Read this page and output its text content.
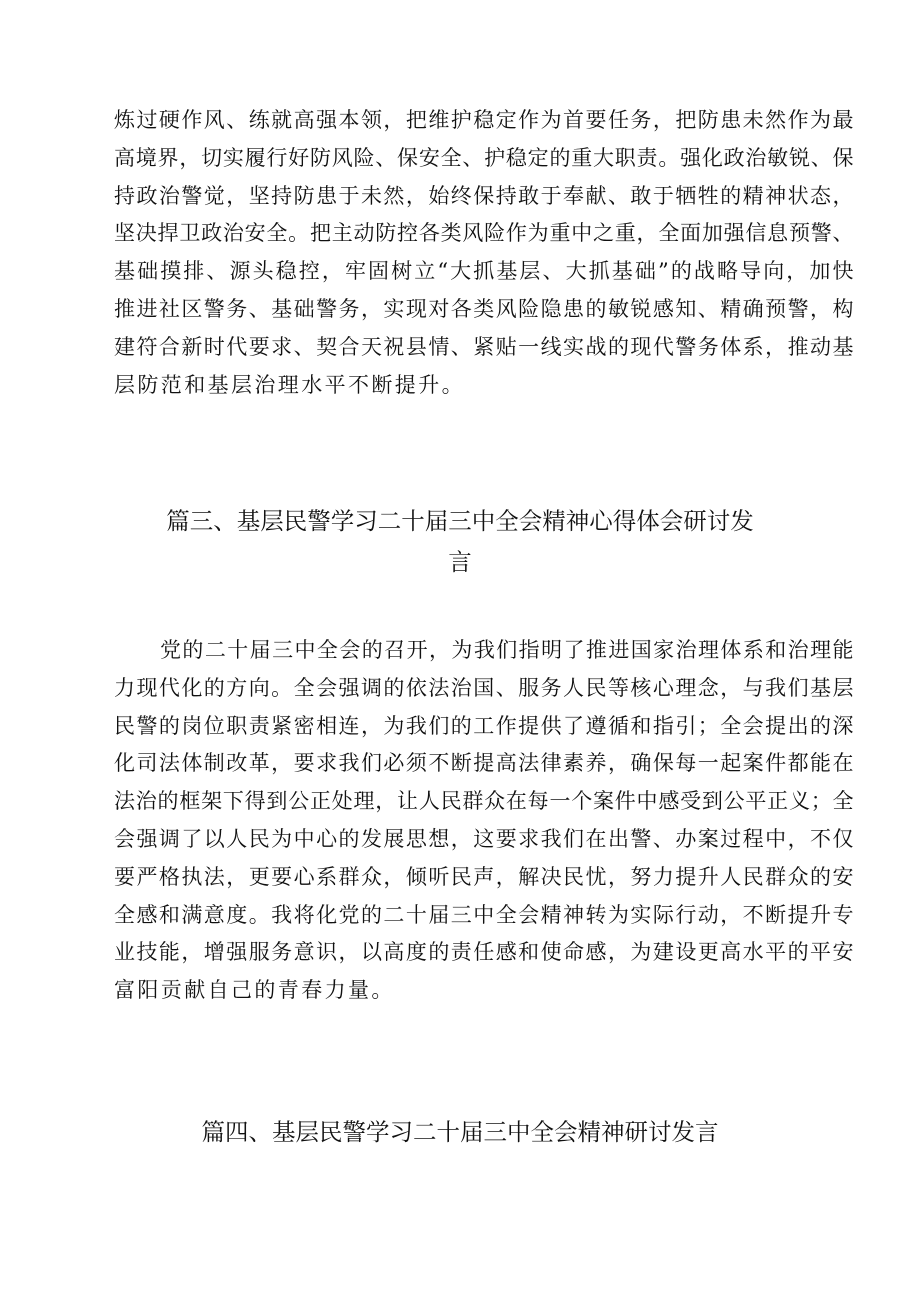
炼过硬作风、练就高强本领，把维护稳定作为首要任务，把防患未然作为最
高境界，切实履行好防风险、保安全、护稳定的重大职责。强化政治敏锐、保
持政治警觉，坚持防患于未然，始终保持敢于奉献、敢于牺牲的精神状态，
坚决捍卫政治安全。把主动防控各类风险作为重中之重，全面加强信息预警、
基础摸排、源头稳控，牢固树立“大抓基层、大抓基础”的战略导向，加快
推进社区警务、基础警务，实现对各类风险隐患的敏锐感知、精确预警，构
建符合新时代要求、契合天祝县情、紧贴一线实战的现代警务体系，推动基
层防范和基层治理水平不断提升。
篇三、基层民警学习二十届三中全会精神心得体会研讨发
言
党的二十届三中全会的召开，为我们指明了推进国家治理体系和治理能
力现代化的方向。全会强调的依法治国、服务人民等核心理念，与我们基层
民警的岗位职责紧密相连，为我们的工作提供了遵循和指引；全会提出的深
化司法体制改革，要求我们必须不断提高法律素养，确保每一起案件都能在
法治的框架下得到公正处理，让人民群众在每一个案件中感受到公平正义；全
会强调了以人民为中心的发展思想，这要求我们在出警、办案过程中，不仅
要严格执法，更要心系群众，倾听民声，解决民忧，努力提升人民群众的安
全感和满意度。我将化党的二十届三中全会精神转为实际行动，不断提升专
业技能，增强服务意识，以高度的责任感和使命感，为建设更高水平的平安
富阳贡献自己的青春力量。
篇四、基层民警学习二十届三中全会精神研讨发言
